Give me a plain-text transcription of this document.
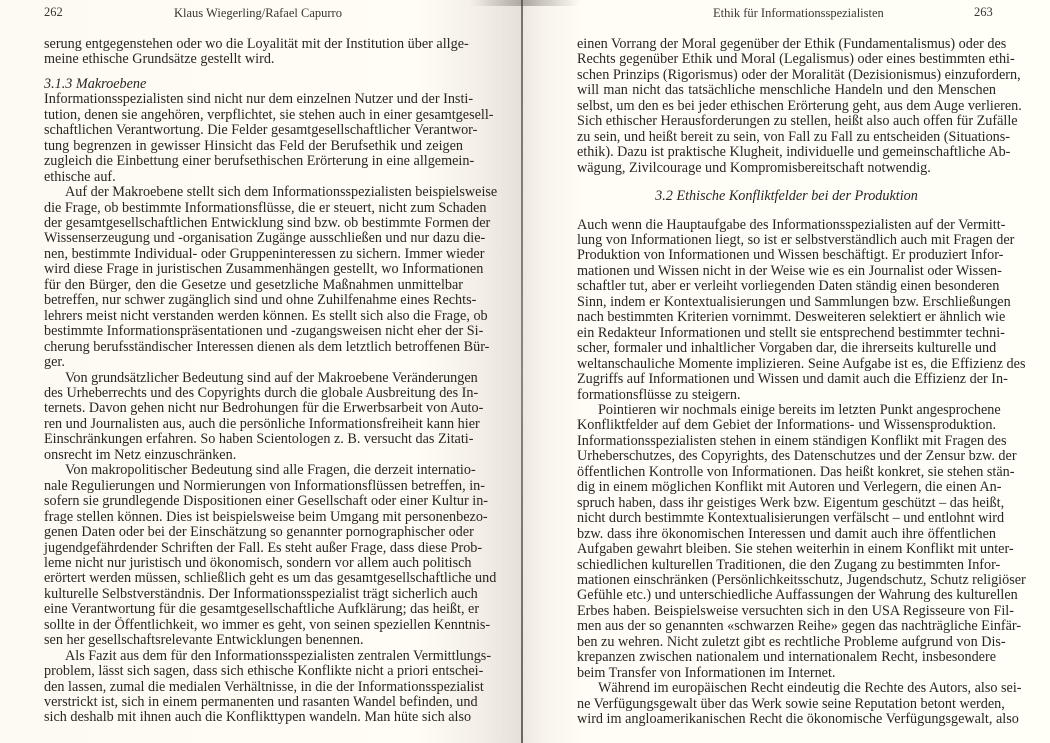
262	Klaus Wiegerling/Rafael Capurro
serung entgegenstehen oder wo die Loyalität mit der Institution über allge-
meine ethische Grundsätze gestellt wird.
3.1.3 Makroebene
Informationsspezialisten sind nicht nur dem einzelnen Nutzer und der Insti-
tution, denen sie angehören, verpflichtet, sie stehen auch in einer gesamtgesell-
schaftlichen Verantwortung. Die Felder gesamtgesellschaftlicher Verantwor-
tung begrenzen in gewisser Hinsicht das Feld der Berufsethik und zeigen
zugleich die Einbettung einer berufsethischen Erörterung in eine allgemein-
ethische auf.
Auf der Makroebene stellt sich dem Informationsspezialisten beispielsweise
die Frage, ob bestimmte Informationsflüsse, die er steuert, nicht zum Schaden
der gesamtgesellschaftlichen Entwicklung sind bzw. ob bestimmte Formen der
Wissenserzeugung und -organisation Zugänge ausschließen und nur dazu die-
nen, bestimmte Individual- oder Gruppeninteressen zu sichern. Immer wieder
wird diese Frage in juristischen Zusammenhängen gestellt, wo Informationen
für den Bürger, den die Gesetze und gesetzliche Maßnahmen unmittelbar
betreffen, nur schwer zugänglich sind und ohne Zuhilfenahme eines Rechts-
lehrers meist nicht verstanden werden können. Es stellt sich also die Frage, ob
bestimmte Informationspräsentationen und -zugangsweisen nicht eher der Si-
cherung berufsständischer Interessen dienen als dem letztlich betroffenen Bür-
ger.
Von grundsätzlicher Bedeutung sind auf der Makroebene Veränderungen
des Urheberrechts und des Copyrights durch die globale Ausbreitung des In-
ternets. Davon gehen nicht nur Bedrohungen für die Erwerbsarbeit von Auto-
ren und Journalisten aus, auch die persönliche Informationsfreiheit kann hier
Einschränkungen erfahren. So haben Scientologen z. B. versucht das Zitati-
onsrecht im Netz einzuschränken.
Von makropolitischer Bedeutung sind alle Fragen, die derzeit internatio-
nale Regulierungen und Normierungen von Informationsflüssen betreffen, in-
sofern sie grundlegende Dispositionen einer Gesellschaft oder einer Kultur in-
frage stellen können. Dies ist beispielsweise beim Umgang mit personenbezo-
genen Daten oder bei der Einschätzung so genannter pornographischer oder
jugendgefährdender Schriften der Fall. Es steht außer Frage, dass diese Prob-
leme nicht nur juristisch und ökonomisch, sondern vor allem auch politisch
erörtert werden müssen, schließlich geht es um das gesamtgesellschaftliche und
kulturelle Selbstverständnis. Der Informationsspezialist trägt sicherlich auch
eine Verantwortung für die gesamtgesellschaftliche Aufklärung; das heißt, er
sollte in der Öffentlichkeit, wo immer es geht, von seinen speziellen Kenntnis-
sen her gesellschaftsrelevante Entwicklungen benennen.
Als Fazit aus dem für den Informationsspezialisten zentralen Vermittlungs-
problem, lässt sich sagen, dass sich ethische Konflikte nicht a priori entschei-
den lassen, zumal die medialen Verhältnisse, in die der Informationsspezialist
verstrickt ist, sich in einem permanenten und rasanten Wandel befinden, und
sich deshalb mit ihnen auch die Konflikttypen wandeln. Man hüte sich also
Ethik für Informationsspezialisten	263
einen Vorrang der Moral gegenüber der Ethik (Fundamentalismus) oder des
Rechts gegenüber Ethik und Moral (Legalismus) oder eines bestimmten ethi-
schen Prinzips (Rigorismus) oder der Moralität (Dezisionismus) einzufordern,
will man nicht das tatsächliche menschliche Handeln und den Menschen
selbst, um den es bei jeder ethischen Erörterung geht, aus dem Auge verlieren.
Sich ethischer Herausforderungen zu stellen, heißt also auch offen für Zufälle
zu sein, und heißt bereit zu sein, von Fall zu Fall zu entscheiden (Situations-
ethik). Dazu ist praktische Klugheit, individuelle und gemeinschaftliche Ab-
wägung, Zivilcourage und Kompromisbereitschaft notwendig.
3.2 Ethische Konfliktfelder bei der Produktion
Auch wenn die Hauptaufgabe des Informationsspezialisten auf der Vermitt-
lung von Informationen liegt, so ist er selbstverständlich auch mit Fragen der
Produktion von Informationen und Wissen beschäftigt. Er produziert Infor-
mationen und Wissen nicht in der Weise wie es ein Journalist oder Wissen-
schaftler tut, aber er verleiht vorliegenden Daten ständig einen besonderen
Sinn, indem er Kontextualisierungen und Sammlungen bzw. Erschließungen
nach bestimmten Kriterien vornimmt. Desweiteren selektiert er ähnlich wie
ein Redakteur Informationen und stellt sie entsprechend bestimmter techni-
scher, formaler und inhaltlicher Vorgaben dar, die ihrerseits kulturelle und
weltanschauliche Momente implizieren. Seine Aufgabe ist es, die Effizienz des
Zugriffs auf Informationen und Wissen und damit auch die Effizienz der In-
formationsflüsse zu steigern.
Pointieren wir nochmals einige bereits im letzten Punkt angesprochene
Konfliktfelder auf dem Gebiet der Informations- und Wissensproduktion.
Informationsspezialisten stehen in einem ständigen Konflikt mit Fragen des
Urheberschutzes, des Copyrights, des Datenschutzes und der Zensur bzw. der
öffentlichen Kontrolle von Informationen. Das heißt konkret, sie stehen stän-
dig in einem möglichen Konflikt mit Autoren und Verlegern, die einen An-
spruch haben, dass ihr geistiges Werk bzw. Eigentum geschützt – das heißt,
nicht durch bestimmte Kontextualisierungen verfälscht – und entlohnt wird
bzw. dass ihre ökonomischen Interessen und damit auch ihre öffentlichen
Aufgaben gewahrt bleiben. Sie stehen weiterhin in einem Konflikt mit unter-
schiedlichen kulturellen Traditionen, die den Zugang zu bestimmten Infor-
mationen einschränken (Persönlichkeitsschutz, Jugendschutz, Schutz religiöser
Gefühle etc.) und unterschiedliche Auffassungen der Wahrung des kulturellen
Erbes haben. Beispielsweise versuchten sich in den USA Regisseure von Fil-
men aus der so genannten «schwarzen Reihe» gegen das nachträgliche Einfär-
ben zu wehren. Nicht zuletzt gibt es rechtliche Probleme aufgrund von Dis-
krepanzen zwischen nationalem und internationalem Recht, insbesondere
beim Transfer von Informationen im Internet.
Während im europäischen Recht eindeutig die Rechte des Autors, also sei-
ne Verfügungsgewalt über das Werk sowie seine Reputation betont werden,
wird im angloamerikanischen Recht die ökonomische Verfügungsgewalt, also
